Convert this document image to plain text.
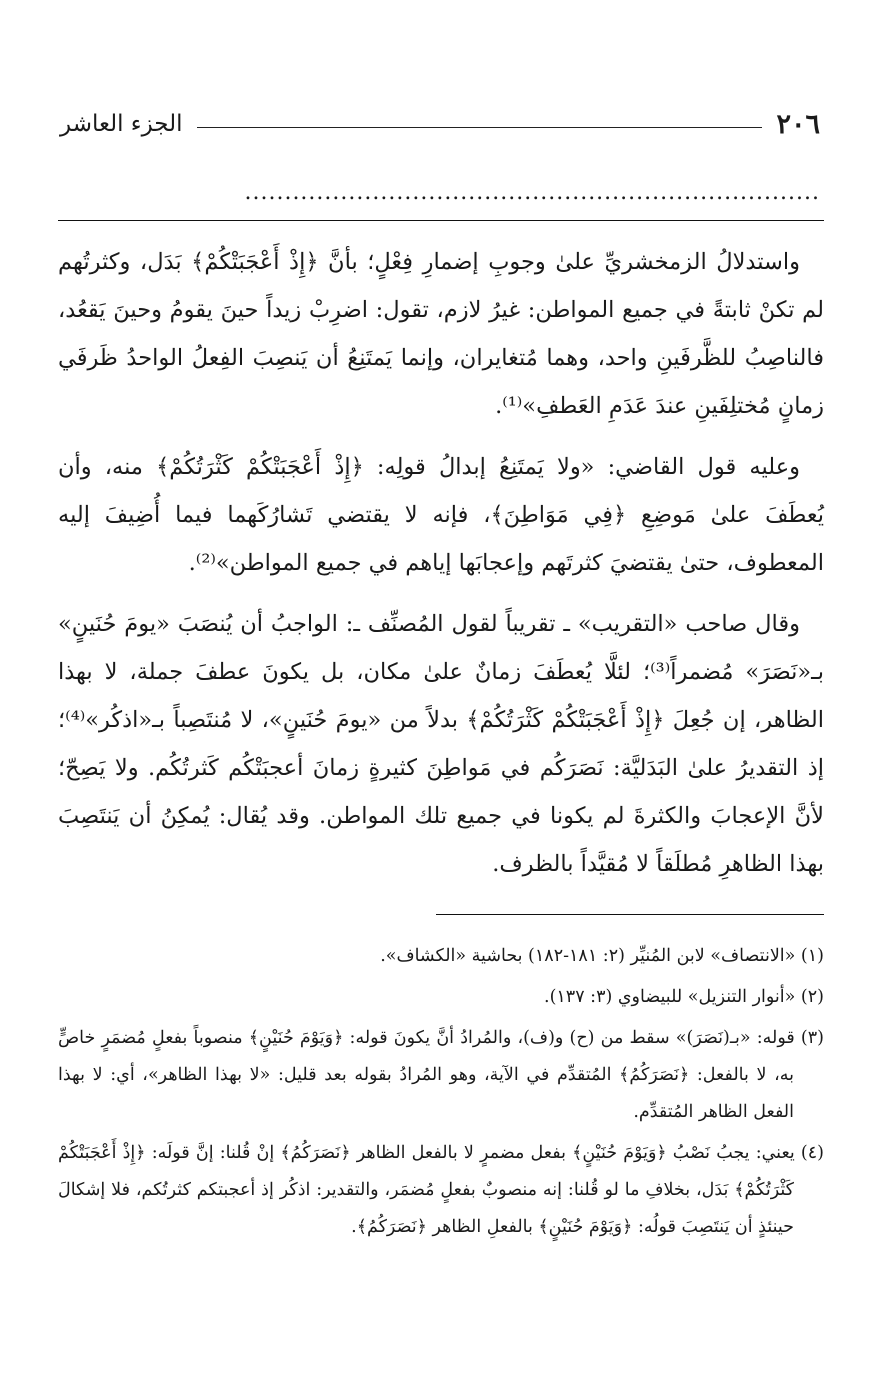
٢٠٦
الجزء العاشر
........................................................................

واستدلالُ الزمخشريِّ علىٰ وجوبِ إضمارِ فِعْلٍ؛ بأنَّ ﴿إِذْ أَعْجَبَتْكُمْ﴾ بَدَل، وكثرتُهم لم تكنْ ثابتةً في جميع المواطن: غيرُ لازم، تقول: اضرِبْ زيداً حينَ يقومُ وحينَ يَقعُد، فالناصِبُ للظَّرفَينِ واحد، وهما مُتغايران، وإنما يَمتَنِعُ أن يَنصِبَ الفِعلُ الواحدُ ظَرفَي زمانٍ مُختلِفَينِ عندَ عَدَمِ العَطفِ»⁽¹⁾.

وعليه قول القاضي: «ولا يَمتَنِعُ إبدالُ قولِه: ﴿إِذْ أَعْجَبَتْكُمْ كَثْرَتُكُمْ﴾ منه، وأن يُعطَفَ علىٰ مَوضِعِ ﴿فِي مَوَاطِنَ﴾، فإنه لا يقتضي تَشارُكَهما فيما أُضِيفَ إليه المعطوف، حتىٰ يقتضيَ كثرتَهم وإعجابَها إياهم في جميع المواطن»⁽²⁾.

وقال صاحب «التقريب» ـ تقريباً لقول المُصنِّف ـ: الواجبُ أن يُنصَبَ «يومَ حُنَينٍ» بـ«نَصَرَ» مُضمراً⁽³⁾؛ لئلَّا يُعطَفَ زمانٌ علىٰ مكان، بل يكونَ عطفَ جملة، لا بهذا الظاهر، إن جُعِلَ ﴿إِذْ أَعْجَبَتْكُمْ كَثْرَتُكُمْ﴾ بدلاً من «يومَ حُنَينٍ»، لا مُنتَصِباً بـ«اذكُر»⁽⁴⁾؛ إذ التقديرُ علىٰ البَدَليَّة: نَصَرَكُم في مَواطِنَ كثيرةٍ زمانَ أعجبَتْكُم كَثرتُكُم. ولا يَصِحّ؛ لأنَّ الإعجابَ والكثرةَ لم يكونا في جميع تلك المواطن. وقد يُقال: يُمكِنُ أن يَنتَصِبَ بهذا الظاهرِ مُطلَقاً لا مُقيَّداً بالظرف.

(١) «الانتصاف» لابن المُنيِّر (٢: ١٨١-١٨٢) بحاشية «الكشاف».

(٢) «أنوار التنزيل» للبيضاوي (٣: ١٣٧).

(٣) قوله: «بـ(نَصَرَ)» سقط من (ح) و(ف)، والمُرادُ أنَّ يكونَ قوله: ﴿وَيَوْمَ حُنَيْنٍ﴾ منصوباً بفعلٍ مُضمَرٍ خاصٍّ به، لا بالفعل: ﴿نَصَرَكُمُ﴾ المُتقدِّم في الآية، وهو المُرادُ بقوله بعد قليل: «لا بهذا الظاهر»، أي: لا بهذا الفعل الظاهر المُتقدِّم.

(٤) يعني: يجبُ نَصْبُ ﴿وَيَوْمَ حُنَيْنٍ﴾ بفعل مضمرٍ لا بالفعل الظاهر ﴿نَصَرَكُمُ﴾ إنْ قُلنا: إنَّ قولَه: ﴿إِذْ أَعْجَبَتْكُمْ كَثْرَتُكُمْ﴾ بَدَل، بخلافِ ما لو قُلنا: إنه منصوبٌ بفعلٍ مُضمَر، والتقدير: اذكُر إذ أعجبتكم كثرتُكم، فلا إشكالَ حينئذٍ أن يَنتَصِبَ قولُه: ﴿وَيَوْمَ حُنَيْنٍ﴾ بالفعلِ الظاهر ﴿نَصَرَكُمُ﴾.
